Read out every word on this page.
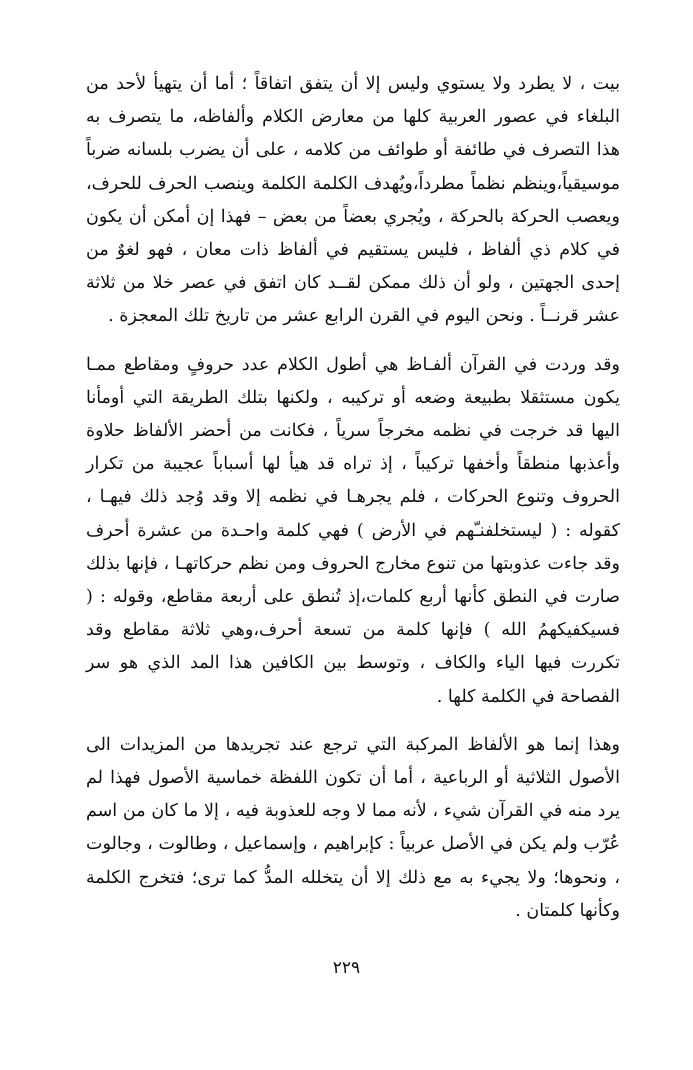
بيت ، لا يطرد ولا يستوي وليس إلا أن يتفق اتفاقاً ؛ أما أن يتهيأ لأحد من البلغاء في عصور العربية كلها من معارض الكلام وألفاظه، ما يتصرف به هذا التصرف في طائفة أو طوائف من كلامه ، على أن يضرب بلسانه ضرباً موسيقياً،وينظم نظماً مطرداً،ويُهدف الكلمة الكلمة وينصب الحرف للحرف، ويعصب الحركة بالحركة ، ويُجري بعضاً من بعض – فهذا إن أمكن أن يكون في كلام ذي ألفاظ ، فليس يستقيم في ألفاظ ذات معان ، فهو لغوٌ من إحدى الجهتين ، ولو أن ذلك ممكن لقــد كان اتفق في عصر خلا من ثلاثة عشر قرنــاً . ونحن اليوم في القرن الرابع عشر من تاريخ تلك المعجزة .

وقد وردت في القرآن ألفـاظ هي أطول الكلام عدد حروفٍ ومقاطع ممـا يكون مستثقلا بطبيعة وضعه أو تركيبه ، ولكنها بتلك الطريقة التي أومأنا اليها قد خرجت في نظمه مخرجاً سرياً ، فكانت من أحضر الألفاظ حلاوة وأعذبها منطقاً وأخفها تركيباً ، إذ تراه قد هيأ لها أسباباً عجيبة من تكرار الحروف وتنوع الحركات ، فلم يجرهـا في نظمه إلا وقد وُجد ذلك فيهـا ، كقوله : ( ليستخلفنـّهم في الأرض ) فهي كلمة واحـدة من عشرة أحرف وقد جاءت عذوبتها من تنوع مخارج الحروف ومن نظم حركاتهـا ، فإنها بذلك صارت في النطق كأنها أربع كلمات،إذ تُنطق على أربعة مقاطع، وقوله : ( فسيكفيكهمُ الله ) فإنها كلمة من تسعة أحرف،وهي ثلاثة مقاطع وقد تكررت فيها الياء والكاف ، وتوسط بين الكافين هذا المد الذي هو سر الفصاحة في الكلمة كلها .

وهذا إنما هو الألفاظ المركبة التي ترجع عند تجريدها من المزيدات الى الأصول الثلاثية أو الرباعية ، أما أن تكون اللفظة خماسية الأصول فهذا لم يرد منه في القرآن شيء ، لأنه مما لا وجه للعذوبة فيه ، إلا ما كان من اسم عُرّب ولم يكن في الأصل عربياً : كإبراهيم ، وإسماعيل ، وطالوت ، وجالوت ، ونحوها؛ ولا يجيء به مع ذلك إلا أن يتخلله المدُّ كما ترى؛ فتخرج الكلمة وكأنها كلمتان .

٢٢٩
